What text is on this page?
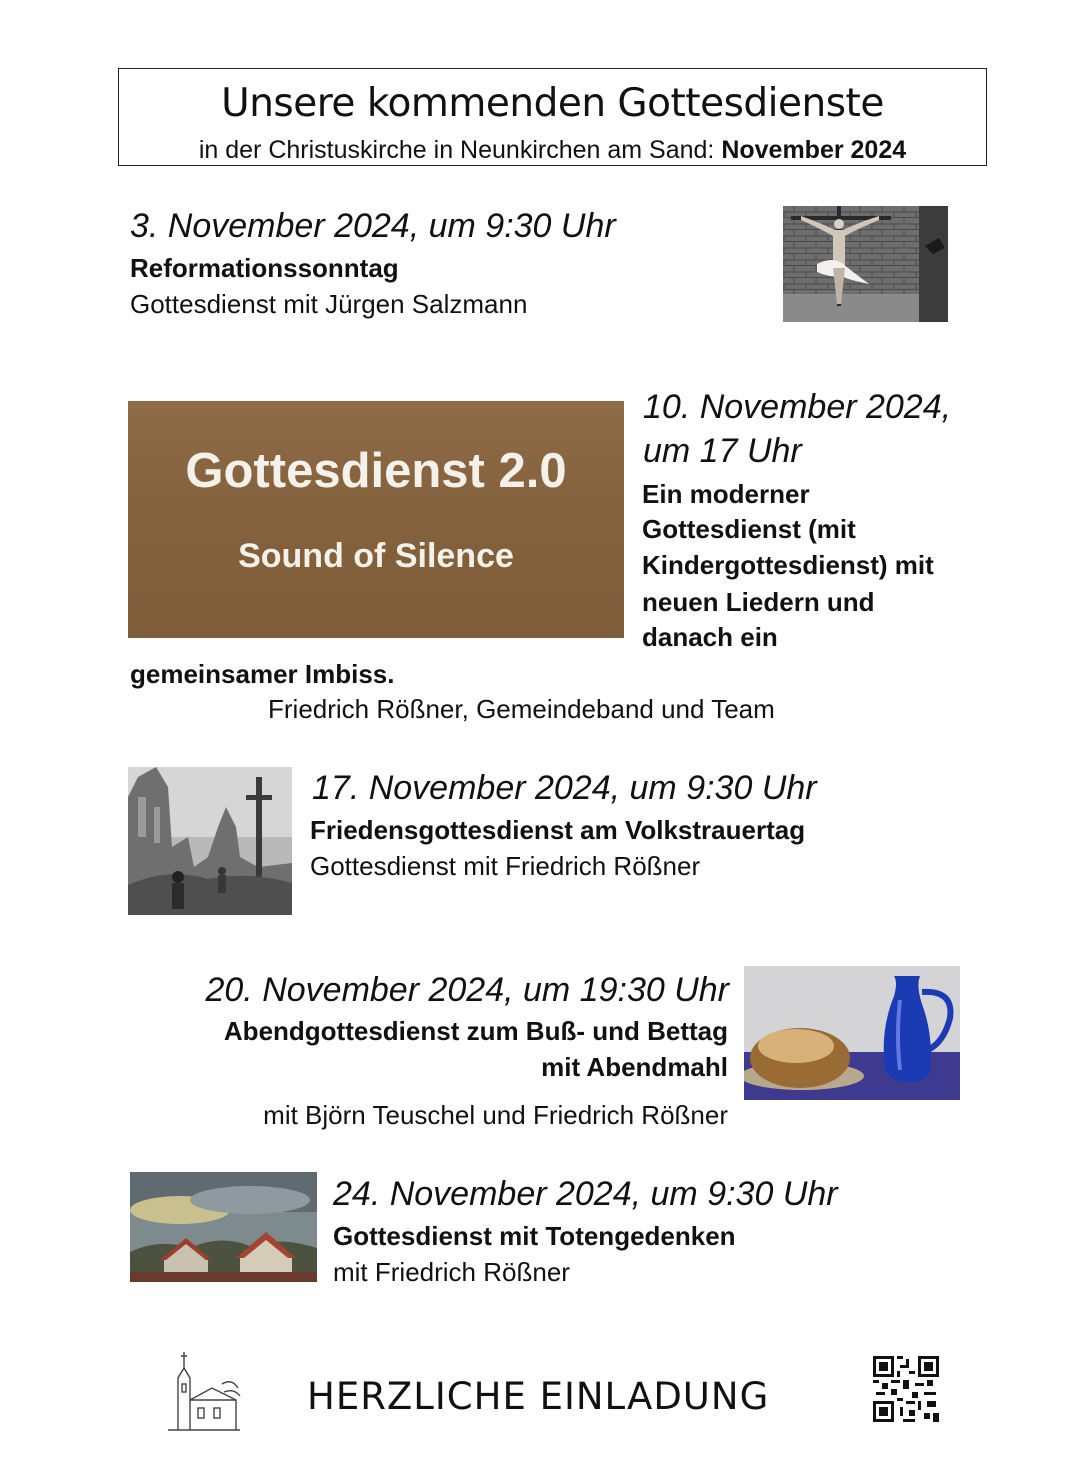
Unsere kommenden Gottesdienste
in der Christuskirche in Neunkirchen am Sand: November 2024
3. November 2024, um 9:30 Uhr
Reformationssonntag
Gottesdienst mit Jürgen Salzmann
Gottesdienst 2.0
Sound of Silence
10. November 2024,
um 17 Uhr
Ein moderner
Gottesdienst (mit
Kindergottesdienst) mit
neuen Liedern und
danach ein
gemeinsamer Imbiss.
Friedrich Rößner, Gemeindeband und Team
17. November 2024, um 9:30 Uhr
Friedensgottesdienst am Volkstrauertag
Gottesdienst mit Friedrich Rößner
20. November 2024, um 19:30 Uhr
Abendgottesdienst zum Buß- und Bettag
mit Abendmahl
mit Björn Teuschel und Friedrich Rößner
24. November 2024, um 9:30 Uhr
Gottesdienst mit Totengedenken
mit Friedrich Rößner
HERZLICHE EINLADUNG
